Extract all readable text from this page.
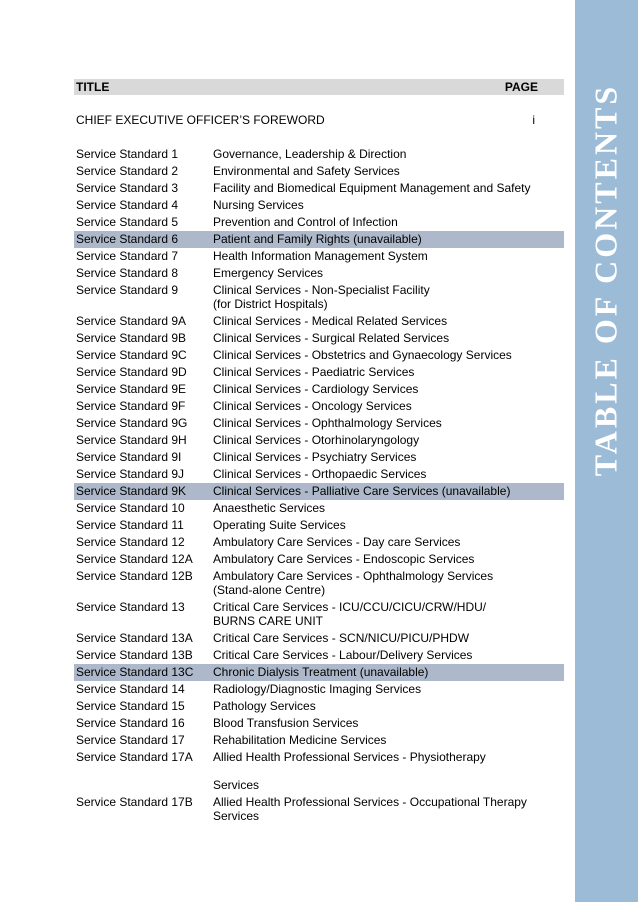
TABLE OF CONTENTS
TITLE	PAGE
CHIEF EXECUTIVE OFFICER’S FOREWORD	i
Service Standard 1	Governance, Leadership & Direction
Service Standard 2	Environmental and Safety Services
Service Standard 3	Facility and Biomedical Equipment Management and Safety
Service Standard 4	Nursing Services
Service Standard 5	Prevention and Control of Infection
Service Standard 6	Patient and Family Rights (unavailable)
Service Standard 7	Health Information Management System
Service Standard 8	Emergency Services
Service Standard 9	Clinical Services - Non-Specialist Facility
(for District Hospitals)
Service Standard 9A	Clinical Services - Medical Related Services
Service Standard 9B	Clinical Services - Surgical Related Services
Service Standard 9C	Clinical Services - Obstetrics and Gynaecology Services
Service Standard 9D	Clinical Services - Paediatric Services
Service Standard 9E	Clinical Services - Cardiology Services
Service Standard 9F	Clinical Services - Oncology Services
Service Standard 9G	Clinical Services - Ophthalmology Services
Service Standard 9H	Clinical Services - Otorhinolaryngology
Service Standard 9I	Clinical Services - Psychiatry Services
Service Standard 9J	Clinical Services - Orthopaedic Services
Service Standard 9K	Clinical Services - Palliative Care Services (unavailable)
Service Standard 10	Anaesthetic Services
Service Standard 11	Operating Suite Services
Service Standard 12	Ambulatory Care Services - Day care Services
Service Standard 12A	Ambulatory Care Services - Endoscopic Services
Service Standard 12B	Ambulatory Care Services - Ophthalmology Services
(Stand-alone Centre)
Service Standard 13	Critical Care Services - ICU/CCU/CICU/CRW/HDU/
BURNS CARE UNIT
Service Standard 13A	Critical Care Services - SCN/NICU/PICU/PHDW
Service Standard 13B	Critical Care Services - Labour/Delivery Services
Service Standard 13C	Chronic Dialysis Treatment (unavailable)
Service Standard 14	Radiology/Diagnostic Imaging Services
Service Standard 15	Pathology Services
Service Standard 16	Blood Transfusion Services
Service Standard 17	Rehabilitation Medicine Services
Service Standard 17A	Allied Health Professional Services - Physiotherapy

Services
Service Standard 17B	Allied Health Professional Services - Occupational Therapy
Services
